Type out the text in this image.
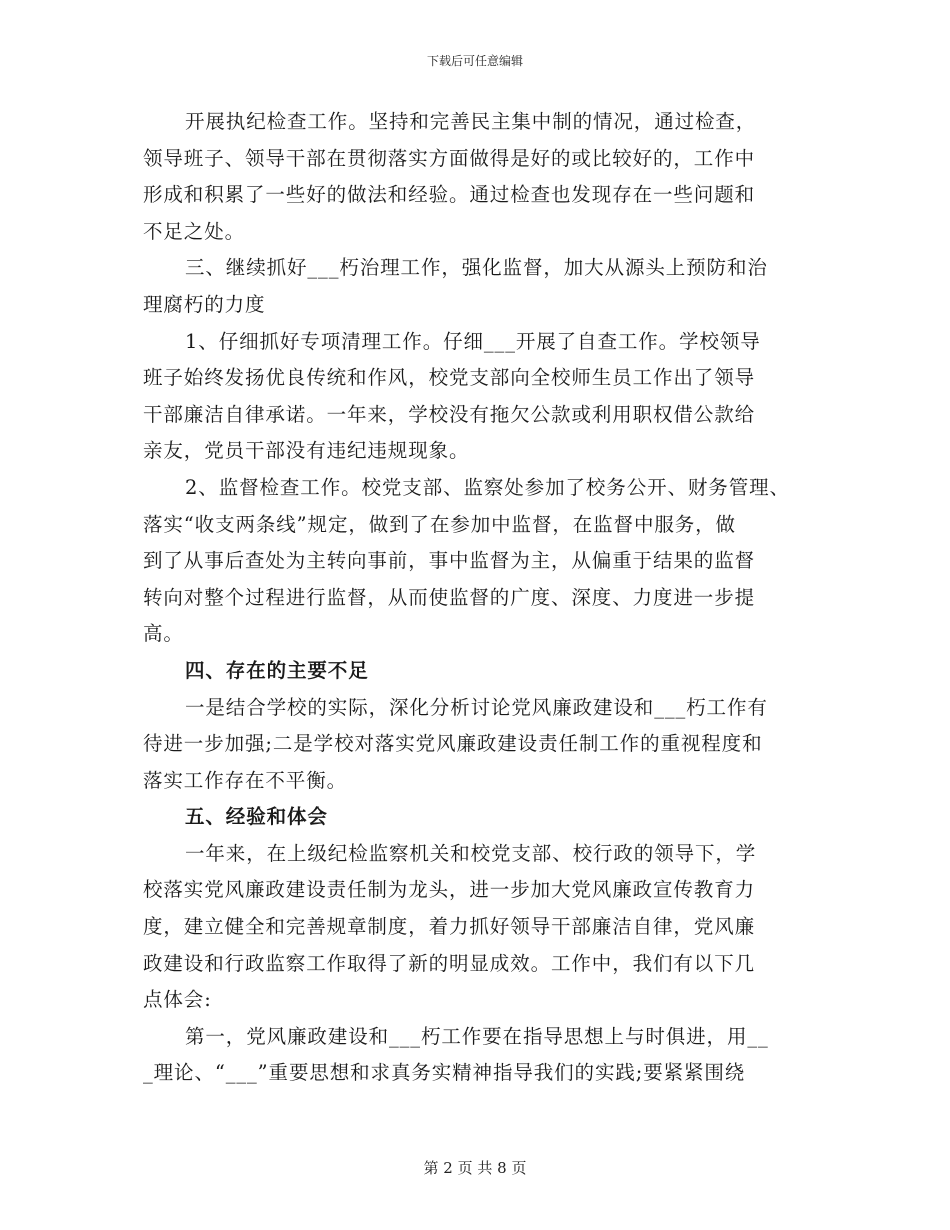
下载后可任意编辑
开展执纪检查工作。坚持和完善民主集中制的情况，通过检查，
领导班子、领导干部在贯彻落实方面做得是好的或比较好的，工作中
形成和积累了一些好的做法和经验。通过检查也发现存在一些问题和
不足之处。
三、继续抓好___朽治理工作，强化监督，加大从源头上预防和治
理腐朽的力度
1、仔细抓好专项清理工作。仔细___开展了自查工作。学校领导
班子始终发扬优良传统和作风，校党支部向全校师生员工作出了领导
干部廉洁自律承诺。一年来，学校没有拖欠公款或利用职权借公款给
亲友，党员干部没有违纪违规现象。
2、监督检查工作。校党支部、监察处参加了校务公开、财务管理、
落实“收支两条线”规定，做到了在参加中监督，在监督中服务，做
到了从事后查处为主转向事前，事中监督为主，从偏重于结果的监督
转向对整个过程进行监督，从而使监督的广度、深度、力度进一步提
高。
四、存在的主要不足
一是结合学校的实际，深化分析讨论党风廉政建设和___朽工作有
待进一步加强;二是学校对落实党风廉政建设责任制工作的重视程度和
落实工作存在不平衡。
五、经验和体会
一年来，在上级纪检监察机关和校党支部、校行政的领导下，学
校落实党风廉政建设责任制为龙头，进一步加大党风廉政宣传教育力
度，建立健全和完善规章制度，着力抓好领导干部廉洁自律，党风廉
政建设和行政监察工作取得了新的明显成效。工作中，我们有以下几
点体会:
第一，党风廉政建设和___朽工作要在指导思想上与时俱进，用__
_理论、“___”重要思想和求真务实精神指导我们的实践;要紧紧围绕
第 2 页 共 8 页
